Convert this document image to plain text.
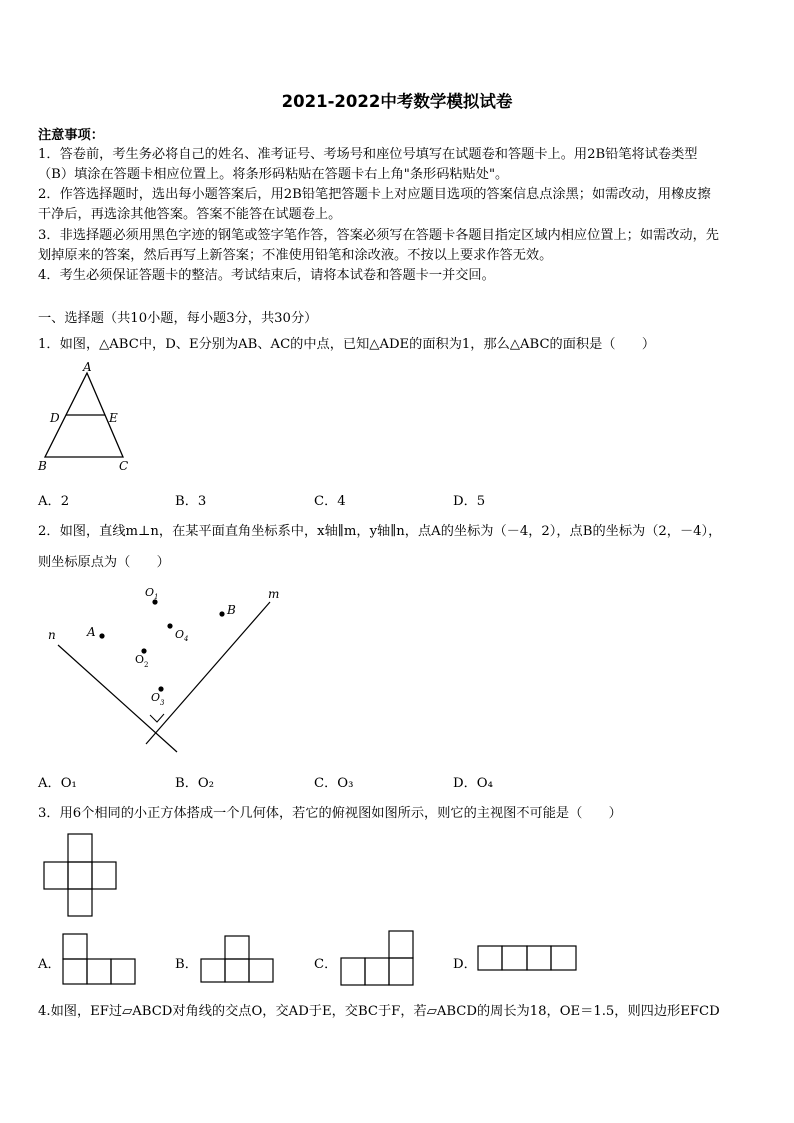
2021-2022中考数学模拟试卷
注意事项：
1．答卷前，考生务必将自己的姓名、准考证号、考场号和座位号填写在试题卷和答题卡上。用2B铅笔将试卷类型
（B）填涂在答题卡相应位置上。将条形码粘贴在答题卡右上角"条形码粘贴处"。
2．作答选择题时，选出每小题答案后，用2B铅笔把答题卡上对应题目选项的答案信息点涂黑；如需改动，用橡皮擦
干净后，再选涂其他答案。答案不能答在试题卷上。
3．非选择题必须用黑色字迹的钢笔或签字笔作答，答案必须写在答题卡各题目指定区域内相应位置上；如需改动，先
划掉原来的答案，然后再写上新答案；不准使用铅笔和涂改液。不按以上要求作答无效。
4．考生必须保证答题卡的整洁。考试结束后，请将本试卷和答题卡一并交回。
一、选择题（共10小题，每小题3分，共30分）
1．如图，△ABC中，D、E分别为AB、AC的中点，已知△ADE的面积为1，那么△ABC的面积是（　　）
A
D	E
B	C
A．2	B．3	C．4	D．5
2．如图，直线m⊥n，在某平面直角坐标系中，x轴∥m，y轴∥n，点A的坐标为（－4，2），点B的坐标为（2，－4），
则坐标原点为（　　）
n
m
A
B
O 1
O 4
O 2
O 3
A．O₁	B．O₂	C．O₃	D．O₄
3．用6个相同的小正方体搭成一个几何体，若它的俯视图如图所示，则它的主视图不可能是（　　）
A．	B．	C．	D．
4.如图，EF过▱ABCD对角线的交点O，交AD于E，交BC于F，若▱ABCD的周长为18，OE＝1.5，则四边形EFCD
